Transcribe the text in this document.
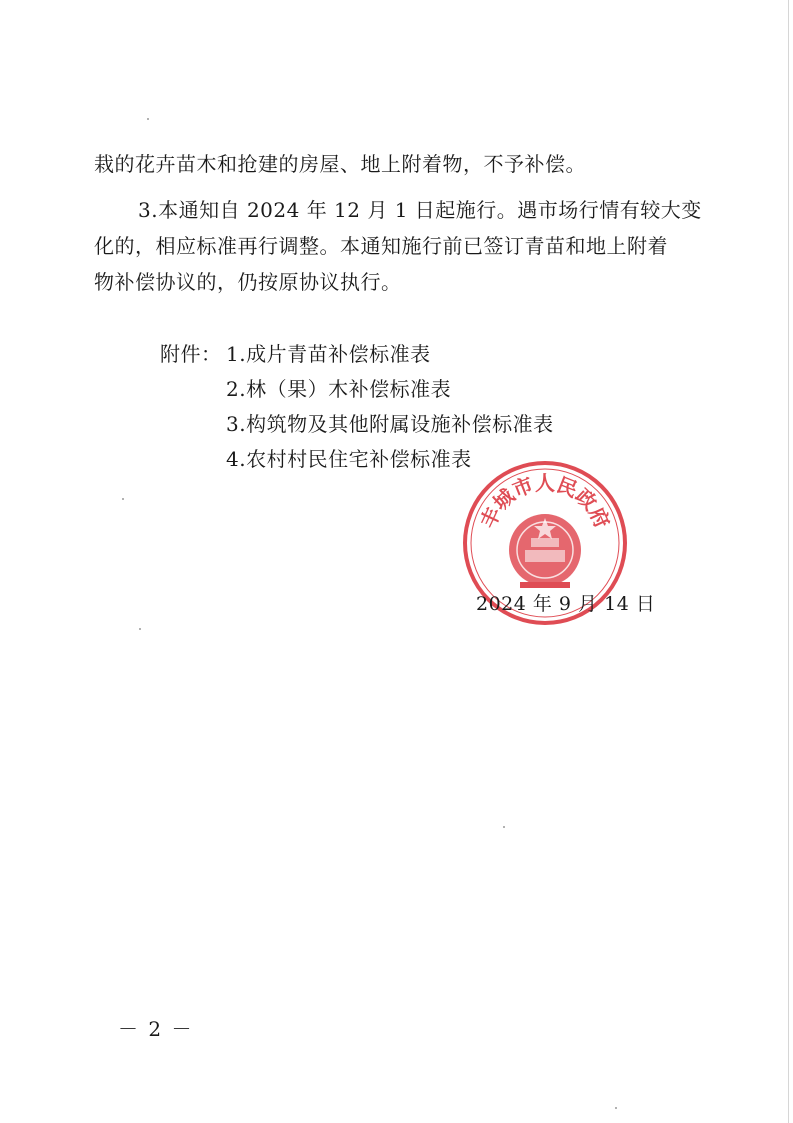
栽的花卉苗木和抢建的房屋、地上附着物，不予补偿。
3.本通知自 2024 年 12 月 1 日起施行。遇市场行情有较大变
化的，相应标准再行调整。本通知施行前已签订青苗和地上附着
物补偿协议的，仍按原协议执行。
附件： 1.成片青苗补偿标准表
2.林（果）木补偿标准表
3.构筑物及其他附属设施补偿标准表
4.农村村民住宅补偿标准表
丰
城
市
人
民
政
府
2024 年 9 月 14 日
－ 2 －
